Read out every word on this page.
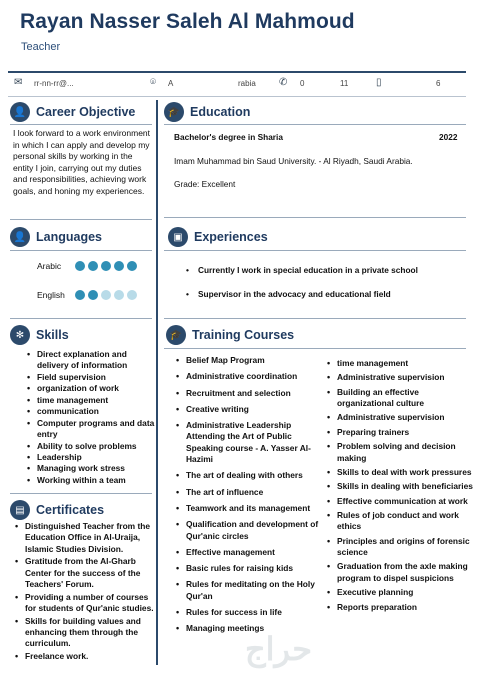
Rayan Nasser Saleh Al Mahmoud
Teacher
✉ rr-nn-rr@...	⌾ A	rabia ✆ 0	11	▯	6
👤 Career Objective
I look forward to a work environment in which I can apply and develop my personal skills by working in the entity I join, carrying out my duties and responsibilities, achieving work goals, and honing my experiences.
👤 Languages
Arabic
English
✻ Skills
• Direct explanation and delivery of information
• Field supervision
• organization of work
• time management
• communication
• Computer programs and data entry
• Ability to solve problems
• Leadership
• Managing work stress
• Working within a team
▤ Certificates
• Distinguished Teacher from the Education Office in Al-Uraija, Islamic Studies Division.
• Gratitude from the Al-Gharb Center for the success of the Teachers' Forum.
• Providing a number of courses for students of Qur'anic studies.
• Skills for building values and enhancing them through the curriculum.
• Freelance work.
🎓 Education
Bachelor's degree in Sharia	2022
Imam Muhammad bin Saud University. - Al Riyadh, Saudi Arabia.
Grade: Excellent
▣ Experiences
• Currently I work in special education in a private school
• Supervisor in the advocacy and educational field
🎓 Training Courses
• Belief Map Program
• Administrative coordination
• Recruitment and selection
• Creative writing
• Administrative Leadership Attending the Art of Public Speaking course - A. Yasser Al-Hazimi
• The art of dealing with others
• The art of influence
• Teamwork and its management
• Qualification and development of Qur'anic circles
• Effective management
• Basic rules for raising kids
• Rules for meditating on the Holy Qur'an
• Rules for success in life
• Managing meetings
• time management
• Administrative supervision
• Building an effective organizational culture
• Administrative supervision
• Preparing trainers
• Problem solving and decision making
• Skills to deal with work pressures
• Skills in dealing with beneficiaries
• Effective communication at work
• Rules of job conduct and work ethics
• Principles and origins of forensic science
• Graduation from the axle making program to dispel suspicions
• Executive planning
• Reports preparation
حراج
